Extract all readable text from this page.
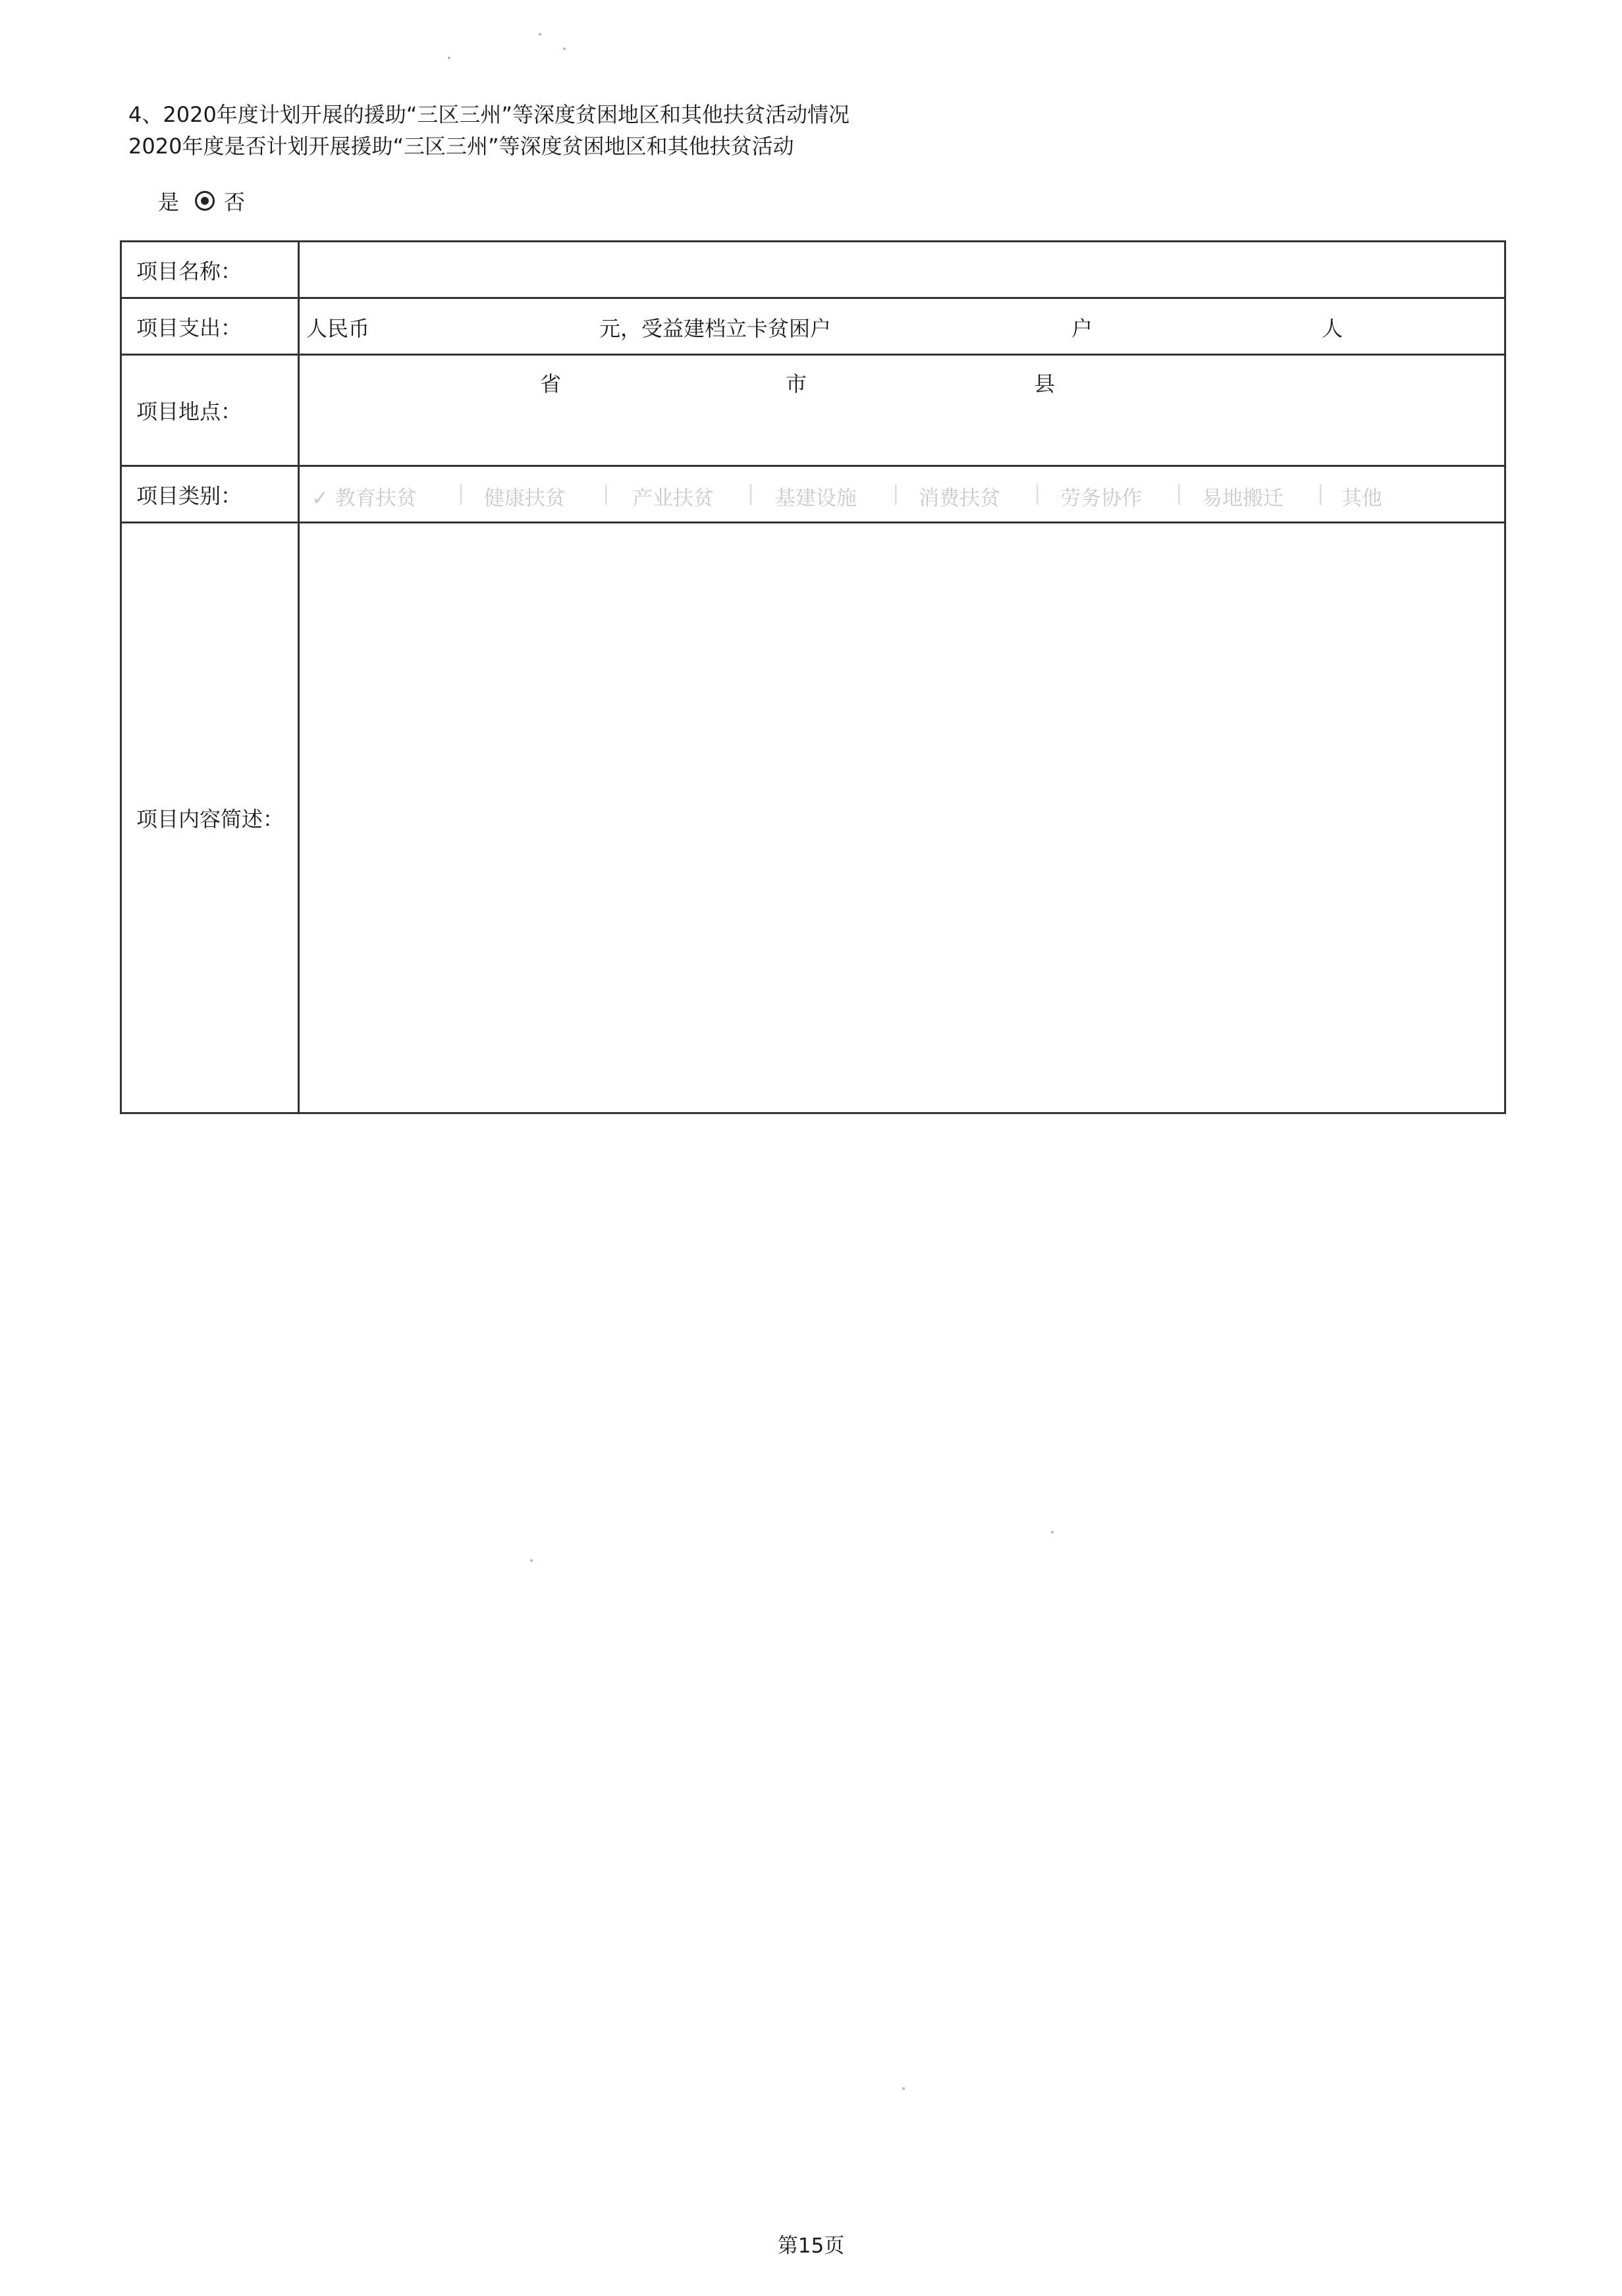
4、2020年度计划开展的援助“三区三州”等深度贫困地区和其他扶贫活动情况
2020年度是否计划开展援助“三区三州”等深度贫困地区和其他扶贫活动
是 否
项目名称：
项目支出：	人民币	元，受益建档立卡贫困户	户	人
项目地点：
省	市	县
项目类别：	✓ 教育扶贫 | 健康扶贫 | 产业扶贫 | 基建设施 | 消费扶贫 | 劳务协作 | 易地搬迁 | 其他
项目内容简述：
第15页
